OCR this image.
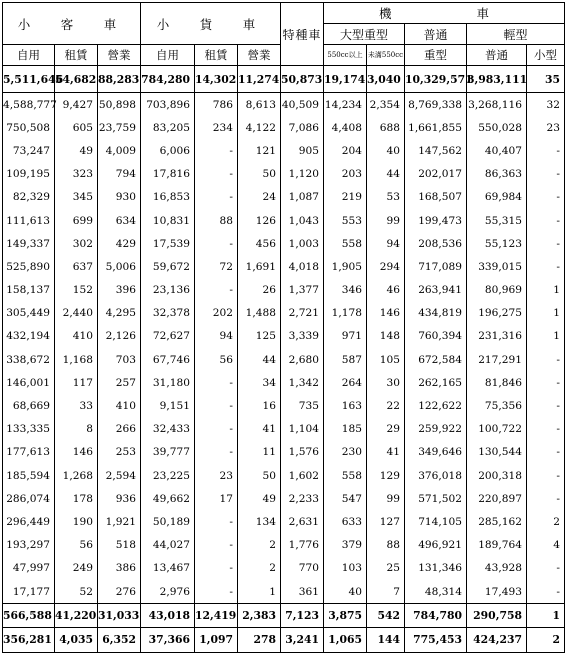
小　客　車			小　貨　車			特種車	機　　車				
							大型重型		普通	輕型	
自用	租賃	營業	自用	租賃	營業		550cc以上	未滿550cc	重型	普通	小型
5,511,646	54,682	88,283	784,280	14,302	11,274	50,873	19,174	3,040	10,329,571	3,983,111	35
4,588,777	9,427	50,898	703,896	786	8,613	40,509	14,234	2,354	8,769,338	3,268,116	32
750,508	605	23,759	83,205	234	4,122	7,086	4,408	688	1,661,855	550,028	23
73,247	49	4,009	6,006	-	121	905	204	40	147,562	40,407	-
109,195	323	794	17,816	-	50	1,120	203	44	202,017	86,363	-
82,329	345	930	16,853	-	24	1,087	219	53	168,507	69,984	-
111,613	699	634	10,831	88	126	1,043	553	99	199,473	55,315	-
149,337	302	429	17,539	-	456	1,003	558	94	208,536	55,123	-
525,890	637	5,006	59,672	72	1,691	4,018	1,905	294	717,089	339,015	-
158,137	152	396	23,136	-	26	1,377	346	46	263,941	80,969	1
305,449	2,440	4,295	32,378	202	1,488	2,721	1,178	146	434,819	196,275	1
432,194	410	2,126	72,627	94	125	3,339	971	148	760,394	231,316	1
338,672	1,168	703	67,746	56	44	2,680	587	105	672,584	217,291	-
146,001	117	257	31,180	-	34	1,342	264	30	262,165	81,846	-
68,669	33	410	9,151	-	16	735	163	22	122,622	75,356	-
133,335	8	266	32,433	-	41	1,104	185	29	259,922	100,722	-
177,613	146	253	39,777	-	11	1,576	230	41	349,646	130,544	-
185,594	1,268	2,594	23,225	23	50	1,602	558	129	376,018	200,318	-
286,074	178	936	49,662	17	49	2,233	547	99	571,502	220,897	-
296,449	190	1,921	50,189	-	134	2,631	633	127	714,105	285,162	2
193,297	56	518	44,027	-	2	1,776	379	88	496,921	189,764	4
47,997	249	386	13,467	-	2	770	103	25	131,346	43,928	-
17,177	52	276	2,976	-	1	361	40	7	48,314	17,493	-
566,588	41,220	31,033	43,018	12,419	2,383	7,123	3,875	542	784,780	290,758	1
356,281	4,035	6,352	37,366	1,097	278	3,241	1,065	144	775,453	424,237	2
